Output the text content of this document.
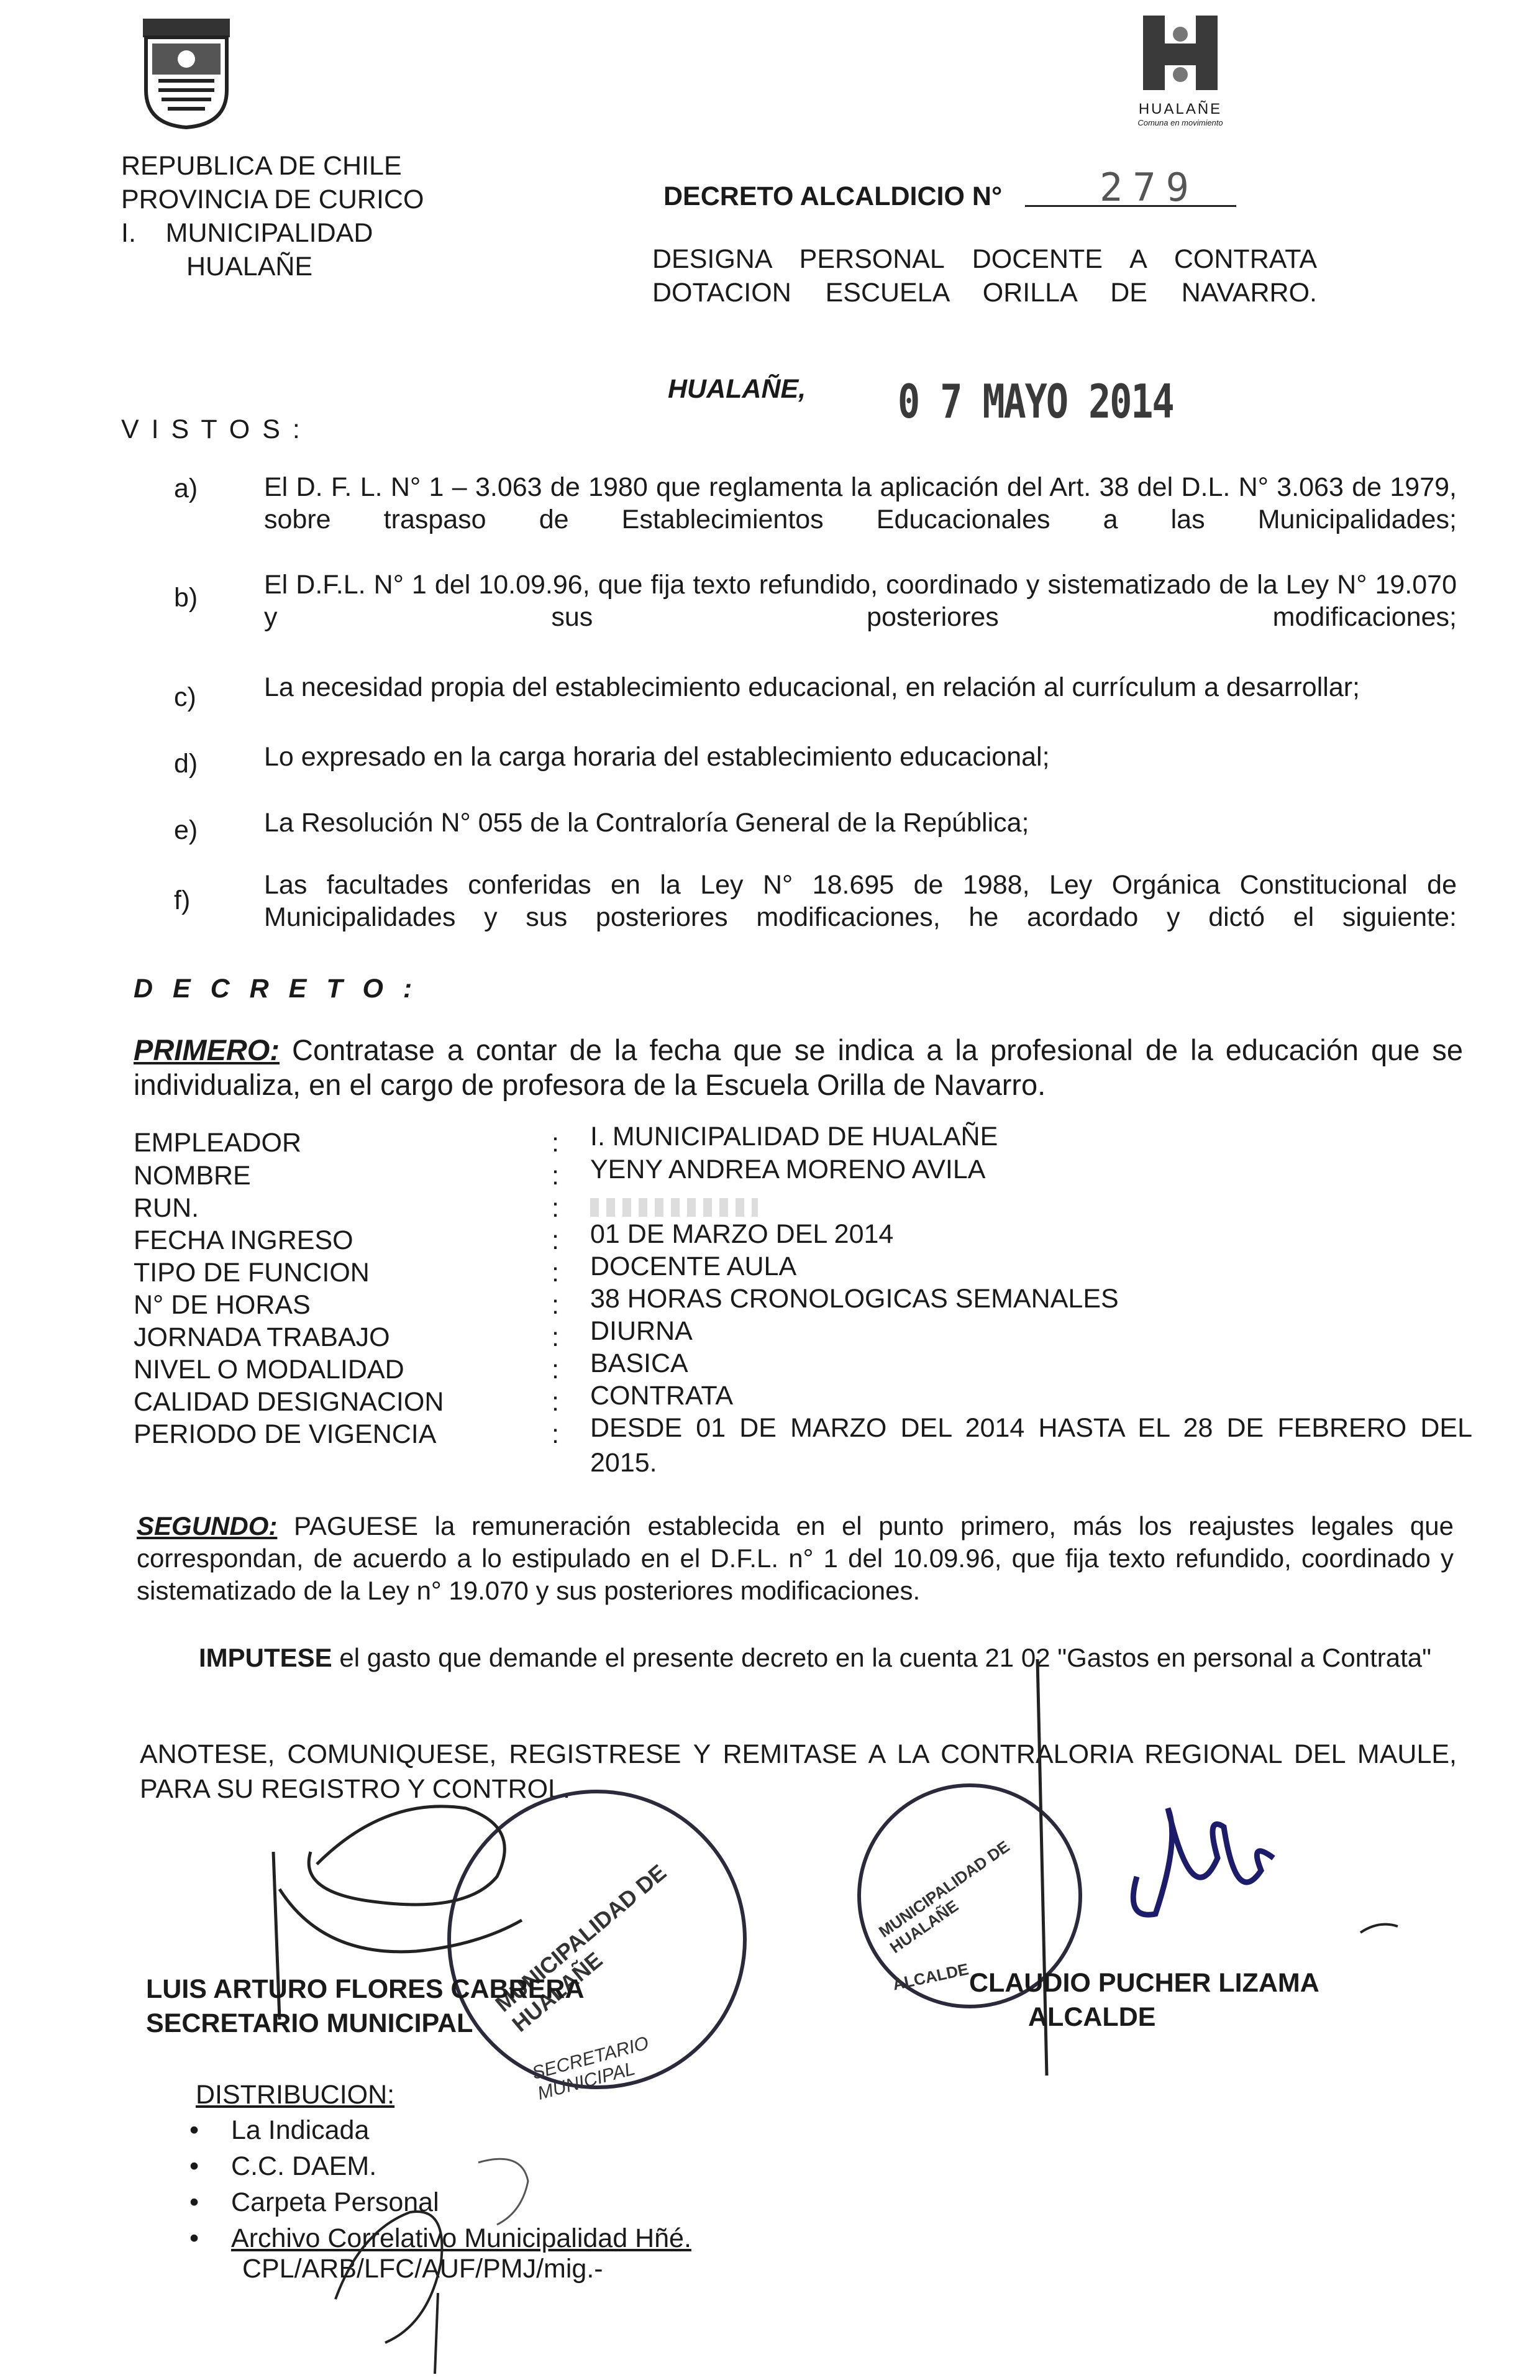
HUALAÑE
Comuna en movimiento
REPUBLICA DE CHILE
PROVINCIA DE CURICO
I.    MUNICIPALIDAD
HUALAÑE
DECRETO ALCALDICIO N°	279
DESIGNA PERSONAL DOCENTE A CONTRATA DOTACION ESCUELA ORILLA DE NAVARRO.
HUALAÑE, 0 7 MAYO 2014
V I S T O S :
a) El D. F. L. N° 1 – 3.063 de 1980 que reglamenta la aplicación del Art. 38 del D.L. N° 3.063 de 1979, sobre traspaso de Establecimientos Educacionales a las Municipalidades;
b) El D.F.L. N° 1 del 10.09.96, que fija texto refundido, coordinado y sistematizado de la Ley N° 19.070 y sus posteriores modificaciones;
c)	La necesidad propia del establecimiento educacional, en relación al currículum a desarrollar;
d) Lo expresado en la carga horaria del establecimiento educacional;
e) La Resolución N° 055 de la Contraloría General de la República;
f)
Las facultades conferidas en la Ley N° 18.695 de 1988, Ley Orgánica Constitucional de Municipalidades y sus posteriores modificaciones, he acordado y dictó el siguiente:
D E C R E T O :
PRIMERO: Contratase a contar de la fecha que se indica a la profesional de la educación que se individualiza, en el cargo de profesora de la Escuela Orilla de Navarro.
EMPLEADOR	: I. MUNICIPALIDAD DE HUALAÑE
NOMBRE	: YENY ANDREA MORENO AVILA
RUN.	:
FECHA INGRESO	: 01 DE MARZO DEL 2014
TIPO DE FUNCION	: DOCENTE AULA
N° DE HORAS	: 38 HORAS CRONOLOGICAS SEMANALES
JORNADA TRABAJO	: DIURNA
NIVEL O MODALIDAD	: BASICA
CALIDAD DESIGNACION	: CONTRATA
PERIODO DE VIGENCIA	: DESDE 01 DE MARZO DEL 2014 HASTA EL 28 DE FEBRERO DEL 2015.
SEGUNDO: PAGUESE la remuneración establecida en el punto primero, más los reajustes legales que correspondan, de acuerdo a lo estipulado en el D.F.L. n° 1 del 10.09.96, que fija texto refundido, coordinado y sistematizado de la Ley n° 19.070 y sus posteriores modificaciones.
IMPUTESE el gasto que demande el presente decreto en la cuenta 21 02 "Gastos en personal a Contrata"
ANOTESE, COMUNIQUESE, REGISTRESE Y REMITASE A LA CONTRALORIA REGIONAL DEL MAULE, PARA SU REGISTRO Y CONTROL.
MUNICIPALIDAD DE HUALAÑE
SECRETARIO MUNICIPAL
LUIS ARTURO FLORES CABRERA
SECRETARIO MUNICIPAL
MUNICIPALIDAD DE HUALAÑE
ALCALDE
CLAUDIO PUCHER LIZAMA
ALCALDE
DISTRIBUCION:
• La Indicada
• C.C. DAEM.
• Carpeta Personal
• Archivo Correlativo Municipalidad Hñé.
CPL/ARB/LFC/AUF/PMJ/mig.-
